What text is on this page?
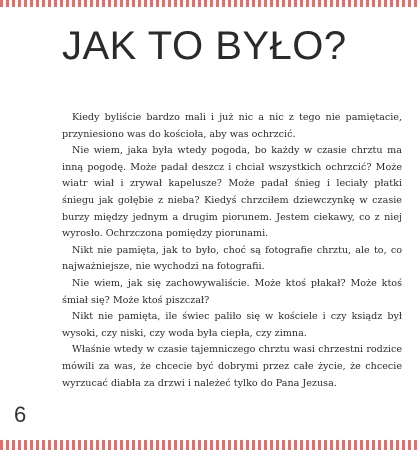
JAK TO BYŁO?

Kiedy byliście bardzo mali i już nic a nic z tego nie pamiętacie, przyniesiono was do kościoła, aby was ochrzcić.

Nie wiem, jaka była wtedy pogoda, bo każdy w czasie chrztu ma inną pogodę. Może padał deszcz i chciał wszystkich ochrzcić? Może wiatr wiał i zrywał kapelusze? Może padał śnieg i leciały płatki śniegu jak gołębie z nieba? Kiedyś chrzciłem dziewczynkę w czasie burzy między jednym a drugim piorunem. Jestem ciekawy, co z niej wyrosło. Ochrzczona pomiędzy piorunami.

Nikt nie pamięta, jak to było, choć są fotografie chrztu, ale to, co najważniejsze, nie wychodzi na fotografii.

Nie wiem, jak się zachowywaliście. Może ktoś płakał? Może ktoś śmiał się? Może ktoś piszczał?

Nikt nie pamięta, ile świec paliło się w kościele i czy ksiądz był wysoki, czy niski, czy woda była ciepła, czy zimna.

Właśnie wtedy w czasie tajemniczego chrztu wasi chrzestni rodzice mówili za was, że chcecie być dobrymi przez całe życie, że chcecie wyrzucać diabła za drzwi i należeć tylko do Pana Jezusa.

6
